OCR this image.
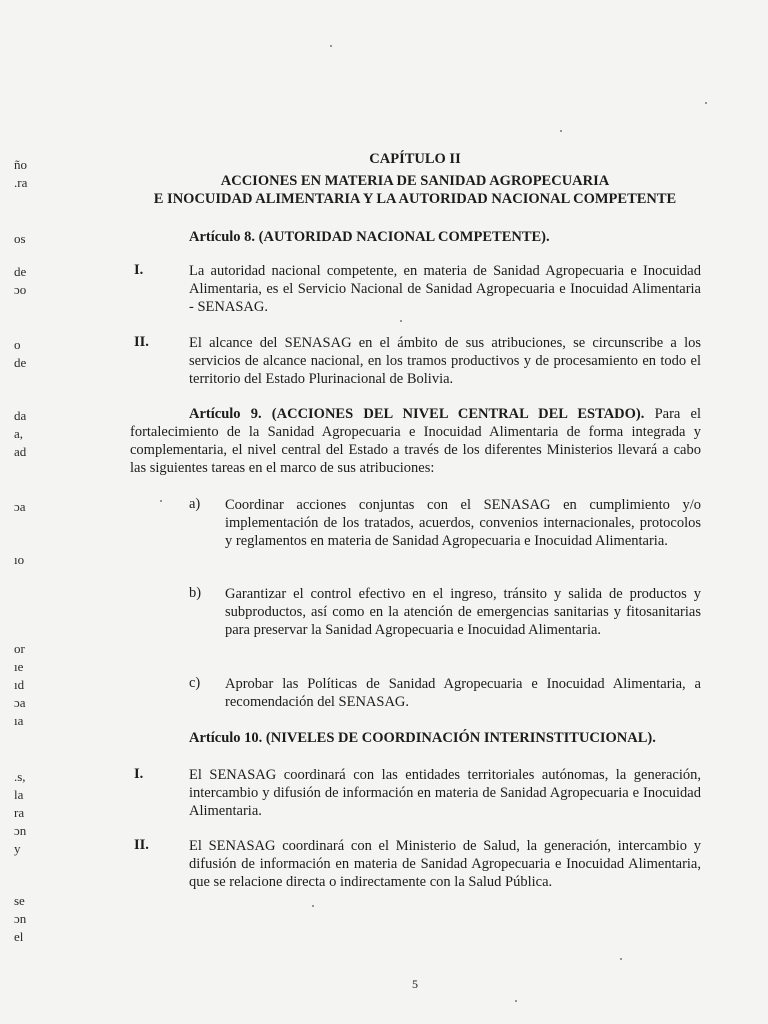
ño
.ra
os
de
ɔo
o
de
da
a,
ad
ɔa
ıo
or
ıe
ıd
ɔa
ıa
.s,
la
ra
ɔn
y
se
ɔn
el
CAPÍTULO II
ACCIONES EN MATERIA DE SANIDAD AGROPECUARIA
E INOCUIDAD ALIMENTARIA Y LA AUTORIDAD NACIONAL COMPETENTE
Artículo 8. (AUTORIDAD NACIONAL COMPETENTE).
I.	La autoridad nacional competente, en materia de Sanidad Agropecuaria e Inocuidad Alimentaria, es el Servicio Nacional de Sanidad Agropecuaria e Inocuidad Alimentaria - SENASAG.
II.	El alcance del SENASAG en el ámbito de sus atribuciones, se circunscribe a los servicios de alcance nacional, en los tramos productivos y de procesamiento en todo el territorio del Estado Plurinacional de Bolivia.
Artículo 9. (ACCIONES DEL NIVEL CENTRAL DEL ESTADO). Para el fortalecimiento de la Sanidad Agropecuaria e Inocuidad Alimentaria de forma integrada y complementaria, el nivel central del Estado a través de los diferentes Ministerios llevará a cabo las siguientes tareas en el marco de sus atribuciones:
a) Coordinar acciones conjuntas con el SENASAG en cumplimiento y/o implementación de los tratados, acuerdos, convenios internacionales, protocolos y reglamentos en materia de Sanidad Agropecuaria e Inocuidad Alimentaria.
b) Garantizar el control efectivo en el ingreso, tránsito y salida de productos y subproductos, así como en la atención de emergencias sanitarias y fitosanitarias para preservar la Sanidad Agropecuaria e Inocuidad Alimentaria.
c) Aprobar las Políticas de Sanidad Agropecuaria e Inocuidad Alimentaria, a recomendación del SENASAG.
Artículo 10. (NIVELES DE COORDINACIÓN INTERINSTITUCIONAL).
I.	El SENASAG coordinará con las entidades territoriales autónomas, la generación, intercambio y difusión de información en materia de Sanidad Agropecuaria e Inocuidad Alimentaria.
II.	El SENASAG coordinará con el Ministerio de Salud, la generación, intercambio y difusión de información en materia de Sanidad Agropecuaria e Inocuidad Alimentaria, que se relacione directa o indirectamente con la Salud Pública.
5
